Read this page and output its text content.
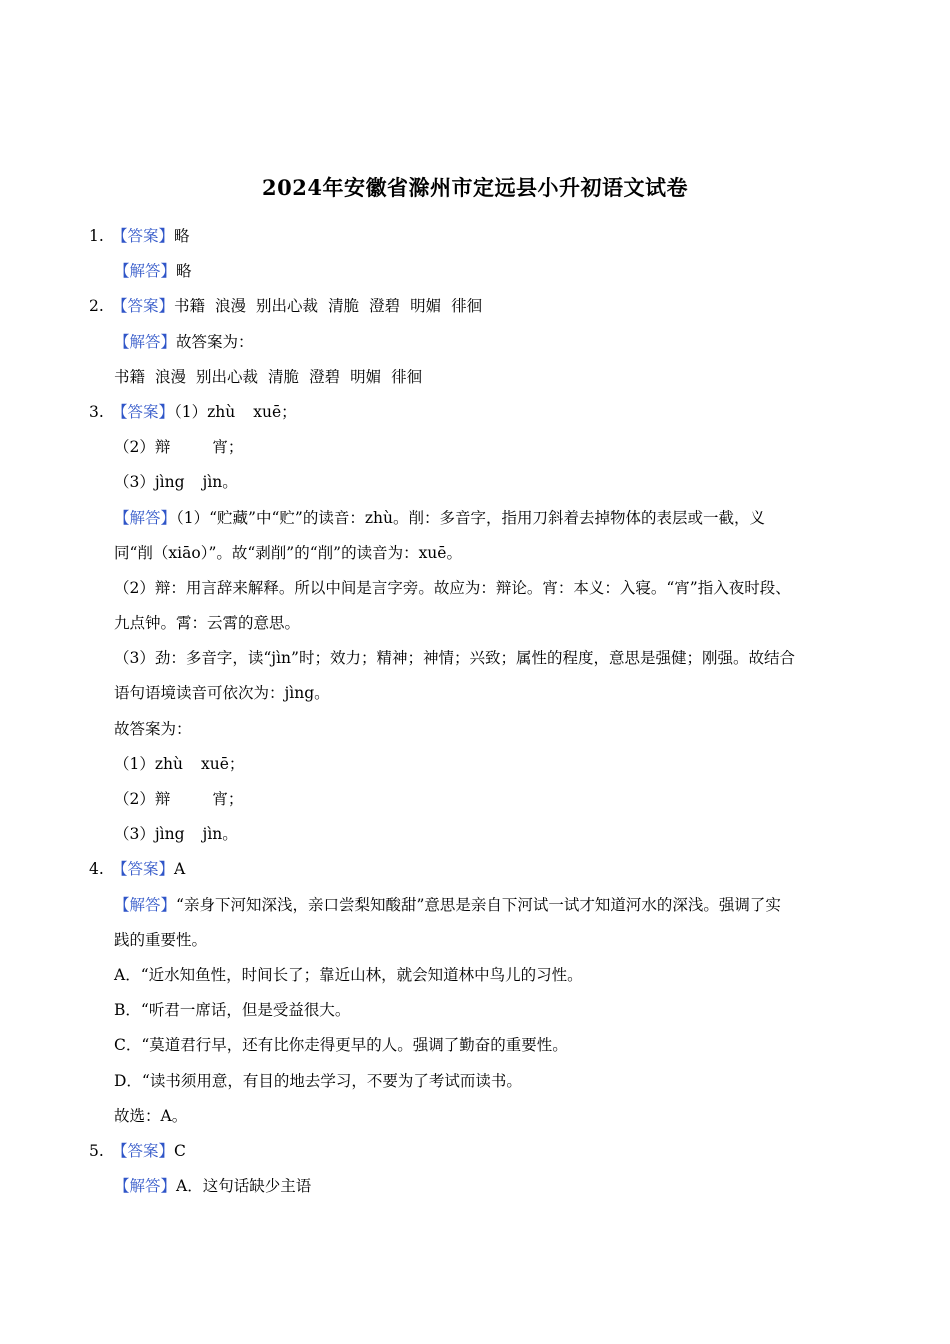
2024年安徽省滁州市定远县小升初语文试卷
1. 【答案】略
【解答】略
2. 【答案】书籍 浪漫 别出心裁 清脆 澄碧 明媚 徘徊
【解答】故答案为：
书籍 浪漫 别出心裁 清脆 澄碧 明媚 徘徊
3. 【答案】（1）zhù xuē；
（2）辩	宵；
（3）jìng jìn。
【解答】（1）“贮藏”中“贮”的读音：zhù。削：多音字，指用刀斜着去掉物体的表层或一截，义
同“削（xiāo）”。故“剥削”的“削”的读音为：xuē。
（2）辩：用言辞来解释。所以中间是言字旁。故应为：辩论。宵：本义：入寝。“宵”指入夜时段、
九点钟。霄：云霄的意思。
（3）劲：多音字，读“jìn”时；效力；精神；神情；兴致；属性的程度，意思是强健；刚强。故结合
语句语境读音可依次为：jìng。
故答案为：
（1）zhù xuē；
（2）辩	宵；
（3）jìng jìn。
4. 【答案】A
【解答】“亲身下河知深浅，亲口尝梨知酸甜”意思是亲自下河试一试才知道河水的深浅。强调了实
践的重要性。
A．“近水知鱼性，时间长了；靠近山林，就会知道林中鸟儿的习性。
B．“听君一席话，但是受益很大。
C．“莫道君行早，还有比你走得更早的人。强调了勤奋的重要性。
D．“读书须用意，有目的地去学习，不要为了考试而读书。
故选：A。
5. 【答案】C
【解答】A．这句话缺少主语
